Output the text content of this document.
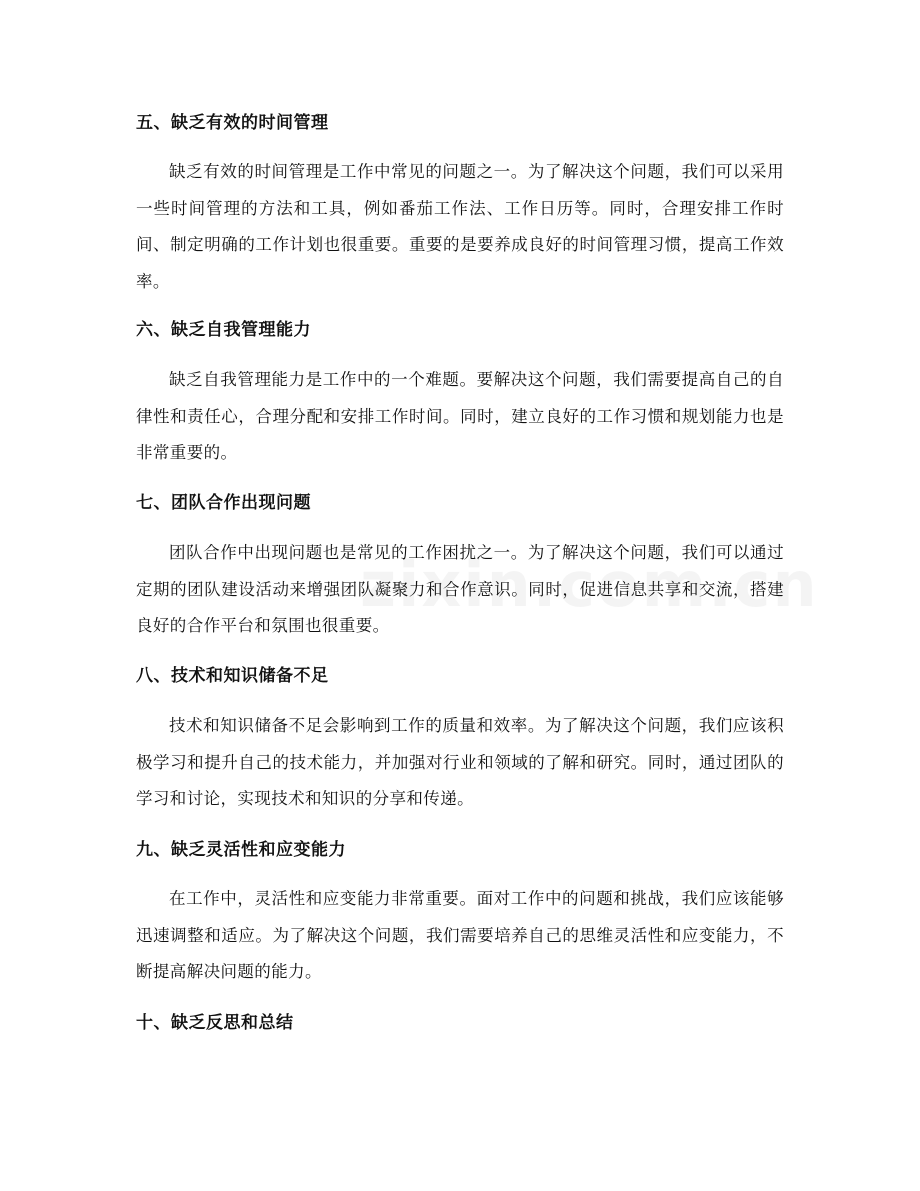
五、缺乏有效的时间管理
缺乏有效的时间管理是工作中常见的问题之一。为了解决这个问题，我们可以采用一些时间管理的方法和工具，例如番茄工作法、工作日历等。同时，合理安排工作时间、制定明确的工作计划也很重要。重要的是要养成良好的时间管理习惯，提高工作效率。
六、缺乏自我管理能力
缺乏自我管理能力是工作中的一个难题。要解决这个问题，我们需要提高自己的自律性和责任心，合理分配和安排工作时间。同时，建立良好的工作习惯和规划能力也是非常重要的。
七、团队合作出现问题
团队合作中出现问题也是常见的工作困扰之一。为了解决这个问题，我们可以通过定期的团队建设活动来增强团队凝聚力和合作意识。同时，促进信息共享和交流，搭建良好的合作平台和氛围也很重要。
八、技术和知识储备不足
技术和知识储备不足会影响到工作的质量和效率。为了解决这个问题，我们应该积极学习和提升自己的技术能力，并加强对行业和领域的了解和研究。同时，通过团队的学习和讨论，实现技术和知识的分享和传递。
九、缺乏灵活性和应变能力
在工作中，灵活性和应变能力非常重要。面对工作中的问题和挑战，我们应该能够迅速调整和适应。为了解决这个问题，我们需要培养自己的思维灵活性和应变能力，不断提高解决问题的能力。
十、缺乏反思和总结
